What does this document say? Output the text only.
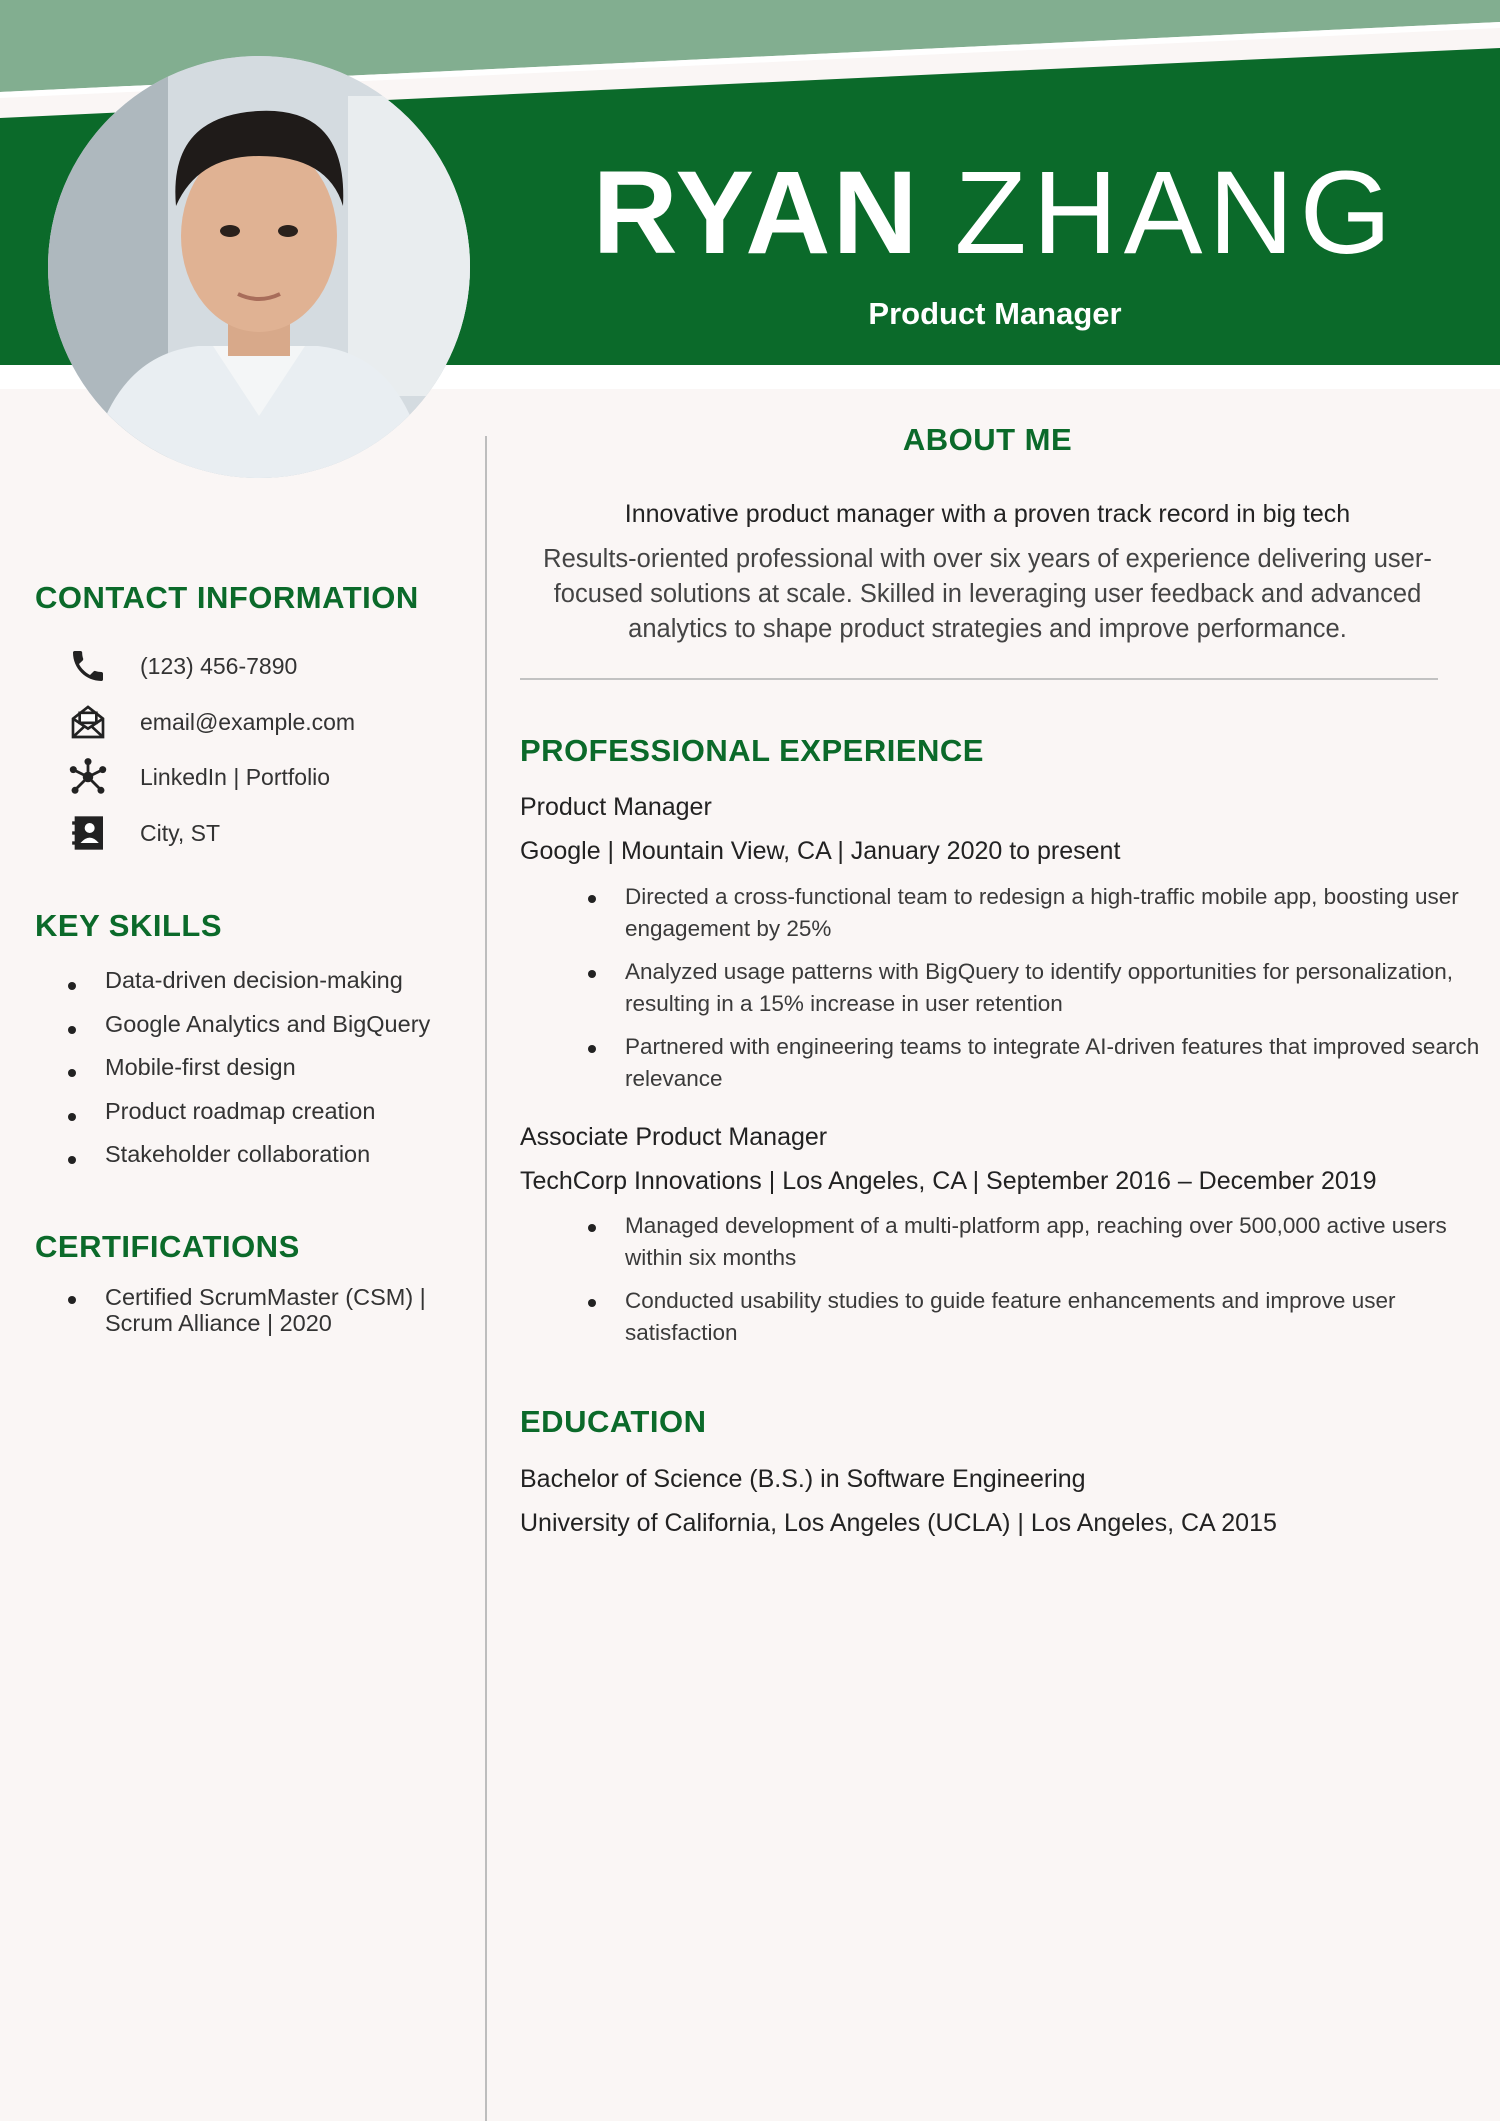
RYAN ZHANG
Product Manager
CONTACT INFORMATION
(123) 456-7890
email@example.com
LinkedIn | Portfolio
City, ST
KEY SKILLS
Data-driven decision-making
Google Analytics and BigQuery
Mobile-first design
Product roadmap creation
Stakeholder collaboration
CERTIFICATIONS
Certified ScrumMaster (CSM) | Scrum Alliance | 2020
ABOUT ME
Innovative product manager with a proven track record in big tech
Results-oriented professional with over six years of experience delivering user-focused solutions at scale. Skilled in leveraging user feedback and advanced analytics to shape product strategies and improve performance.
PROFESSIONAL EXPERIENCE
Product Manager
Google | Mountain View, CA | January 2020 to present
Directed a cross-functional team to redesign a high-traffic mobile app, boosting user engagement by 25%
Analyzed usage patterns with BigQuery to identify opportunities for personalization, resulting in a 15% increase in user retention
Partnered with engineering teams to integrate AI-driven features that improved search relevance
Associate Product Manager
TechCorp Innovations | Los Angeles, CA | September 2016 – December 2019
Managed development of a multi-platform app, reaching over 500,000 active users within six months
Conducted usability studies to guide feature enhancements and improve user satisfaction
EDUCATION
Bachelor of Science (B.S.) in Software Engineering
University of California, Los Angeles (UCLA) | Los Angeles, CA 2015
